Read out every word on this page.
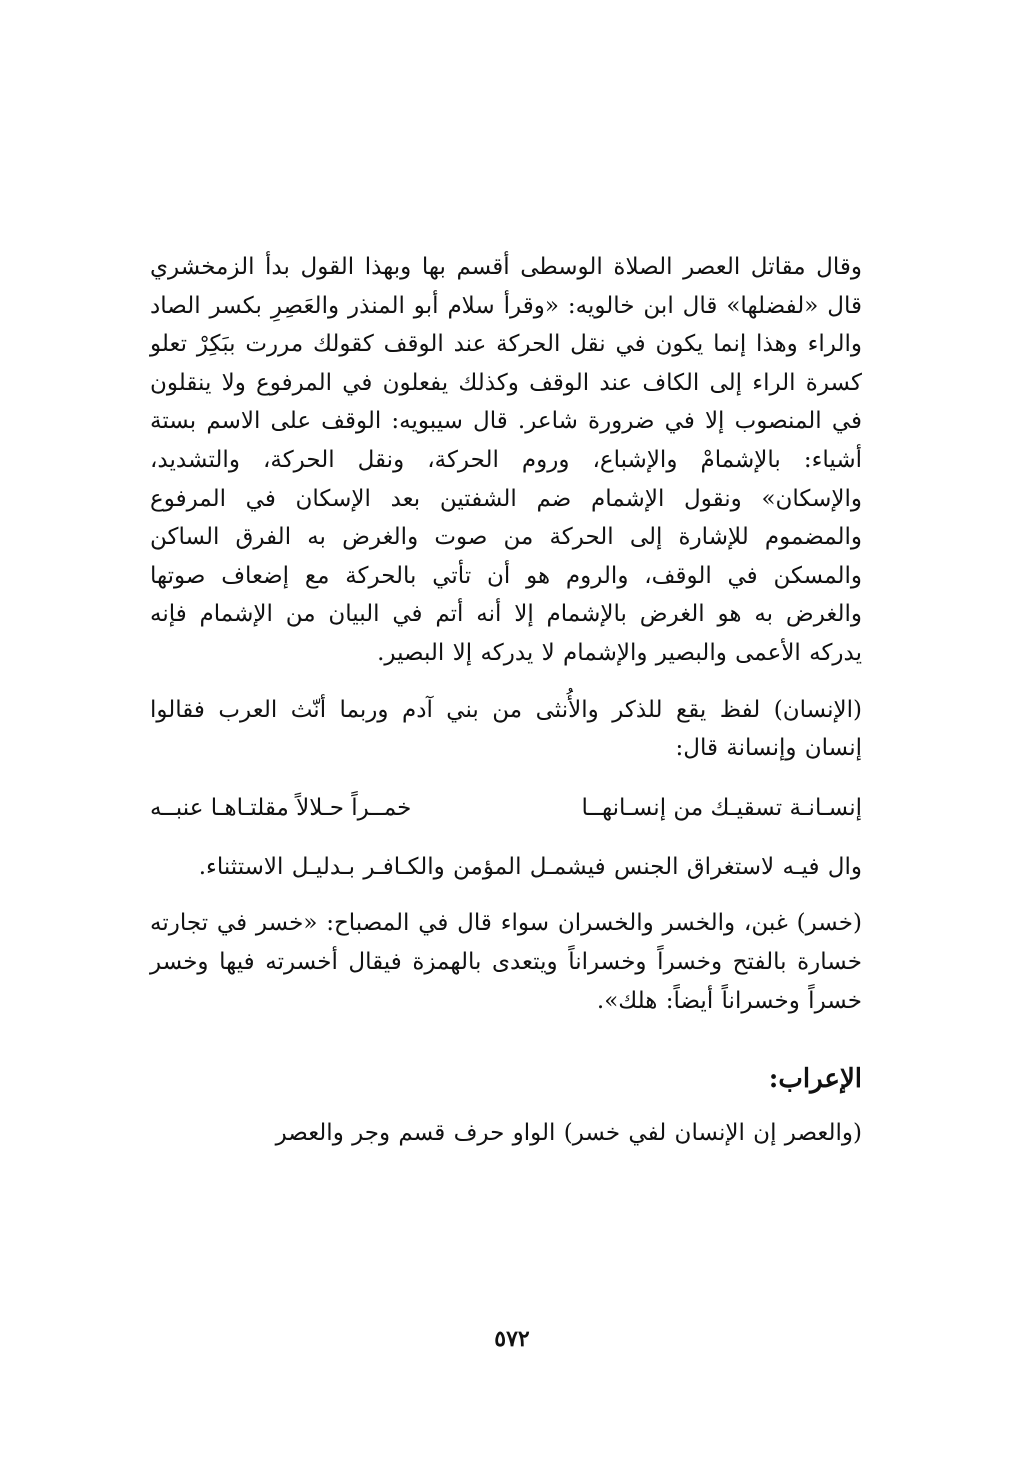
وقال مقاتل العصر الصلاة الوسطى أقسم بها وبهذا القول بدأ الزمخشري قال «لفضلها» قال ابن خالويه: «وقرأ سلام أبو المنذر والعَصِرِ بكسر الصاد والراء وهذا إنما يكون في نقل الحركة عند الوقف كقولك مررت ببَكِرْ تعلو كسرة الراء إلى الكاف عند الوقف وكذلك يفعلون في المرفوع ولا ينقلون في المنصوب إلا في ضرورة شاعر. قال سيبويه: الوقف على الاسم بستة أشياء: بالإشمامْ والإشباع، وروم الحركة، ونقل الحركة، والتشديد، والإسكان» ونقول الإشمام ضم الشفتين بعد الإسكان في المرفوع والمضموم للإشارة إلى الحركة من صوت والغرض به الفرق الساكن والمسكن في الوقف، والروم هو أن تأتي بالحركة مع إضعاف صوتها والغرض به هو الغرض بالإشمام إلا أنه أتم في البيان من الإشمام فإنه يدركه الأعمى والبصير والإشمام لا يدركه إلا البصير.

(الإنسان) لفظ يقع للذكر والأُنثى من بني آدم وربما أنّث العرب فقالوا إنسان وإنسانة قال:

إنسـانـة تسقيـك من إنسـانهــا
خمــراً حـلالاً مقلتـاهـا عنبــه

وال فيـه لاستغراق الجنس فيشمـل المؤمن والكـافـر بـدليـل الاستثناء.

(خسر) غبن، والخسر والخسران سواء قال في المصباح: «خسر في تجارته خسارة بالفتح وخسراً وخسراناً ويتعدى بالهمزة فيقال أخسرته فيها وخسر خسراً وخسراناً أيضاً: هلك».

الإعراب:

(والعصر إن الإنسان لفي خسر) الواو حرف قسم وجر والعصر

٥٧٢
